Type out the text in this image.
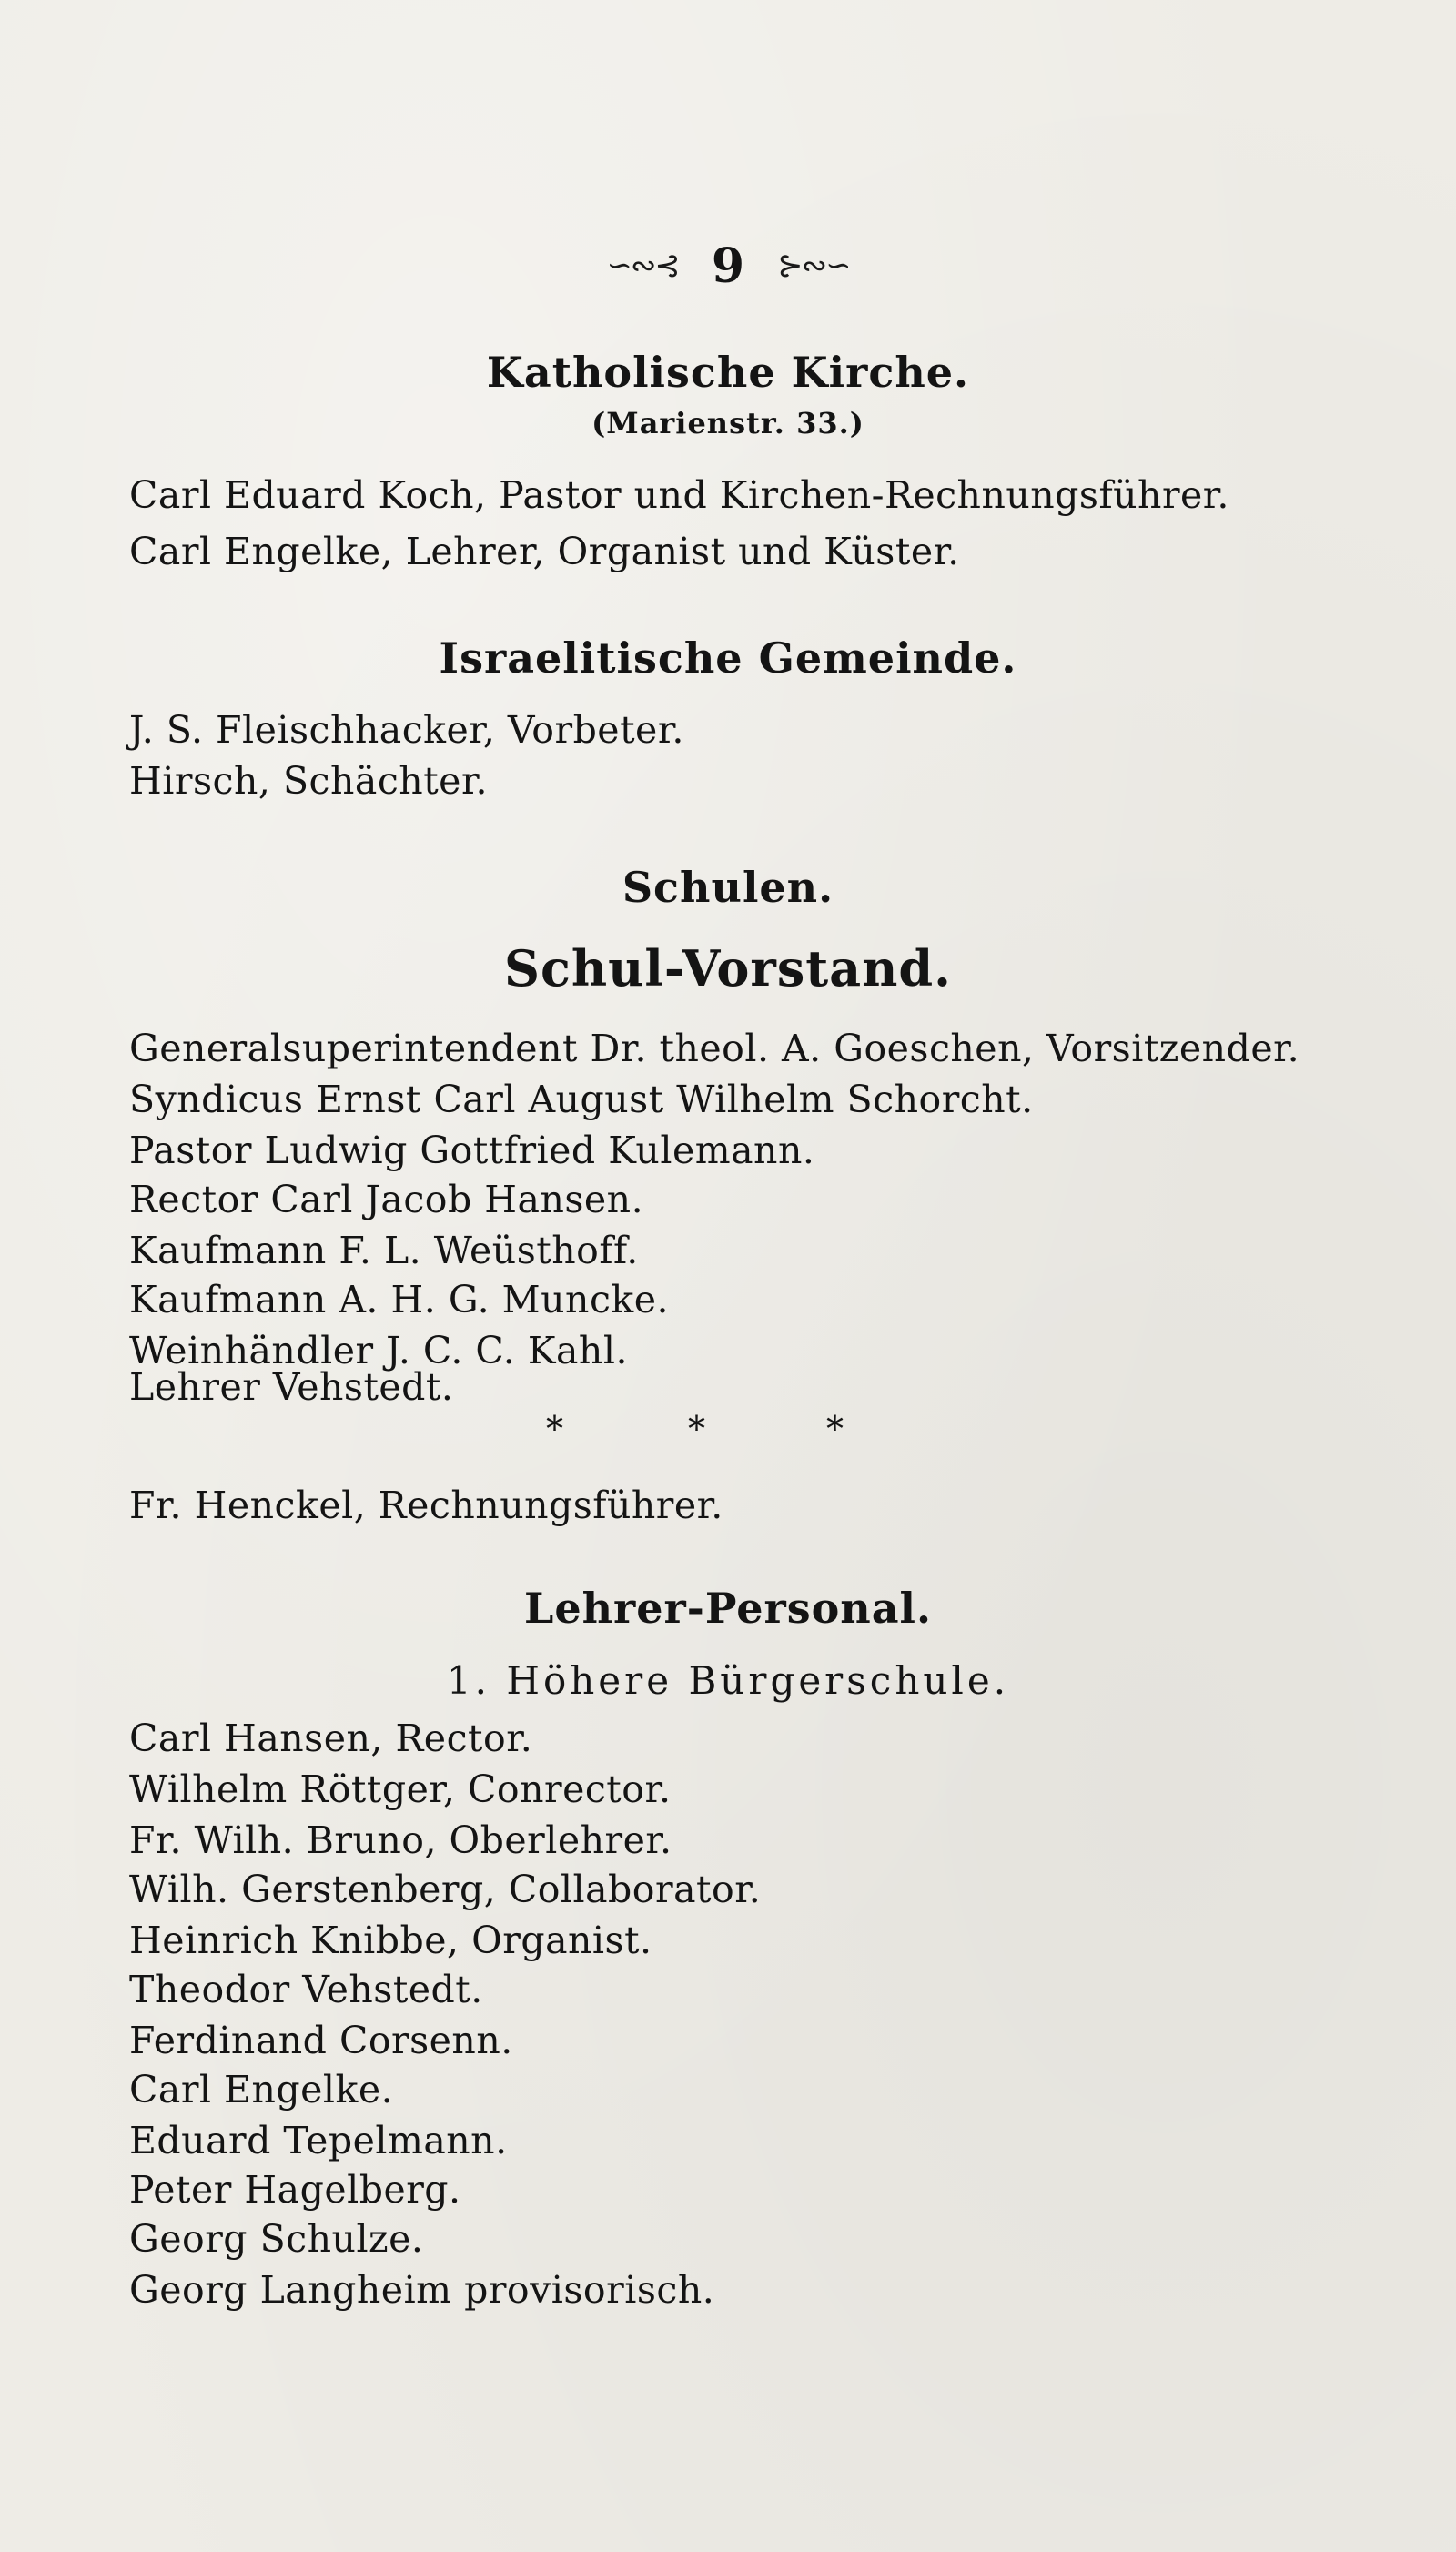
∽∾⊰ 9 ⊱∾∽
Katholische Kirche.
(Marienstr. 33.)
Carl Eduard Koch, Pastor und Kirchen-Rechnungsführer.
Carl Engelke, Lehrer, Organist und Küster.
Israelitische Gemeinde.
J. S. Fleischhacker, Vorbeter.
Hirsch, Schächter.
Schulen.
Schul-Vorstand.
Generalsuperintendent Dr. theol. A. Goeschen, Vorsitzender.
Syndicus Ernst Carl August Wilhelm Schorcht.
Pastor Ludwig Gottfried Kulemann.
Rector Carl Jacob Hansen.
Kaufmann F. L. Weüsthoff.
Kaufmann A. H. G. Muncke.
Weinhändler J. C. C. Kahl.
Lehrer Vehstedt.
*	*	*
Fr. Henckel, Rechnungsführer.
Lehrer-Personal.
1. Höhere Bürgerschule.
Carl Hansen, Rector.
Wilhelm Röttger, Conrector.
Fr. Wilh. Bruno, Oberlehrer.
Wilh. Gerstenberg, Collaborator.
Heinrich Knibbe, Organist.
Theodor Vehstedt.
Ferdinand Corsenn.
Carl Engelke.
Eduard Tepelmann.
Peter Hagelberg.
Georg Schulze.
Georg Langheim provisorisch.
